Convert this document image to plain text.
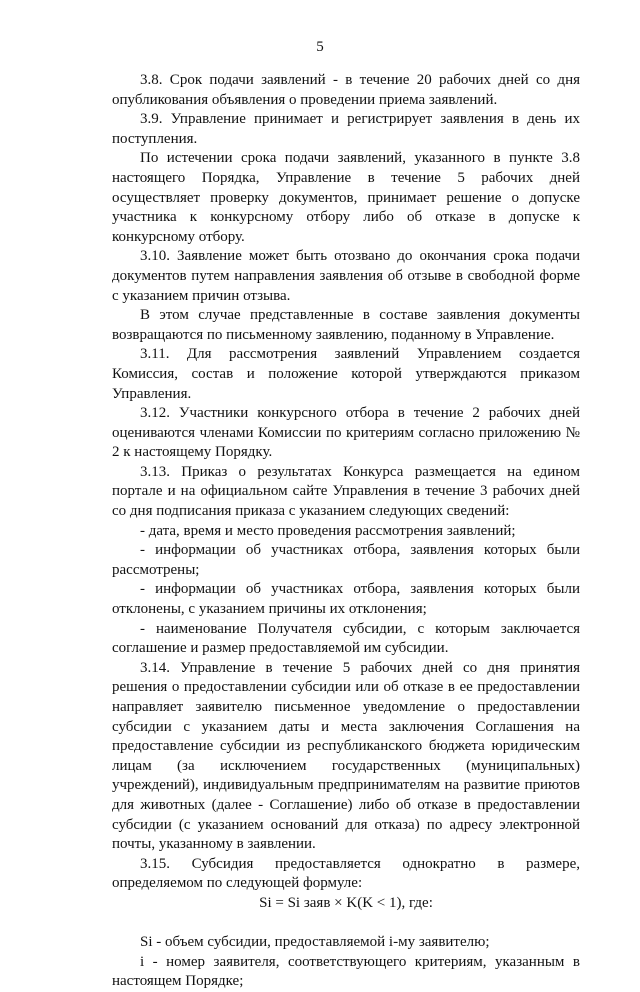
5

3.8. Срок подачи заявлений - в течение 20 рабочих дней со дня опубликования объявления о проведении приема заявлений.

3.9. Управление принимает и регистрирует заявления в день их поступления.

По истечении срока подачи заявлений, указанного в пункте 3.8 настоящего Порядка, Управление в течение 5 рабочих дней осуществляет проверку документов, принимает решение о допуске участника к конкурсному отбору либо об отказе в допуске к конкурсному отбору.

3.10. Заявление может быть отозвано до окончания срока подачи документов путем направления заявления об отзыве в свободной форме с указанием причин отзыва.

В этом случае представленные в составе заявления документы возвращаются по письменному заявлению, поданному в Управление.

3.11. Для рассмотрения заявлений Управлением создается Комиссия, состав и положение которой утверждаются приказом Управления.

3.12. Участники конкурсного отбора в течение 2 рабочих дней оцениваются членами Комиссии по критериям согласно приложению № 2 к настоящему Порядку.

3.13. Приказ о результатах Конкурса размещается на едином портале и на официальном сайте Управления в течение 3 рабочих дней со дня подписания приказа с указанием следующих сведений:

- дата, время и место проведения рассмотрения заявлений;

- информации об участниках отбора, заявления которых были рассмотрены;

- информации об участниках отбора, заявления которых были отклонены, с указанием причины их отклонения;

- наименование Получателя субсидии, с которым заключается соглашение и размер предоставляемой им субсидии.

3.14. Управление в течение 5 рабочих дней со дня принятия решения о предоставлении субсидии или об отказе в ее предоставлении направляет заявителю письменное уведомление о предоставлении субсидии с указанием даты и места заключения Соглашения на предоставление субсидии из республиканского бюджета юридическим лицам (за исключением государственных (муниципальных) учреждений), индивидуальным предпринимателям на развитие приютов для животных (далее - Соглашение) либо об отказе в предоставлении субсидии (с указанием оснований для отказа) по адресу электронной почты, указанному в заявлении.

3.15. Субсидия предоставляется однократно в размере, определяемом по следующей формуле:

Si = Si заяв × K(K < 1), где:

Si - объем субсидии, предоставляемой i-му заявителю;

i - номер заявителя, соответствующего критериям, указанным в настоящем Порядке;
